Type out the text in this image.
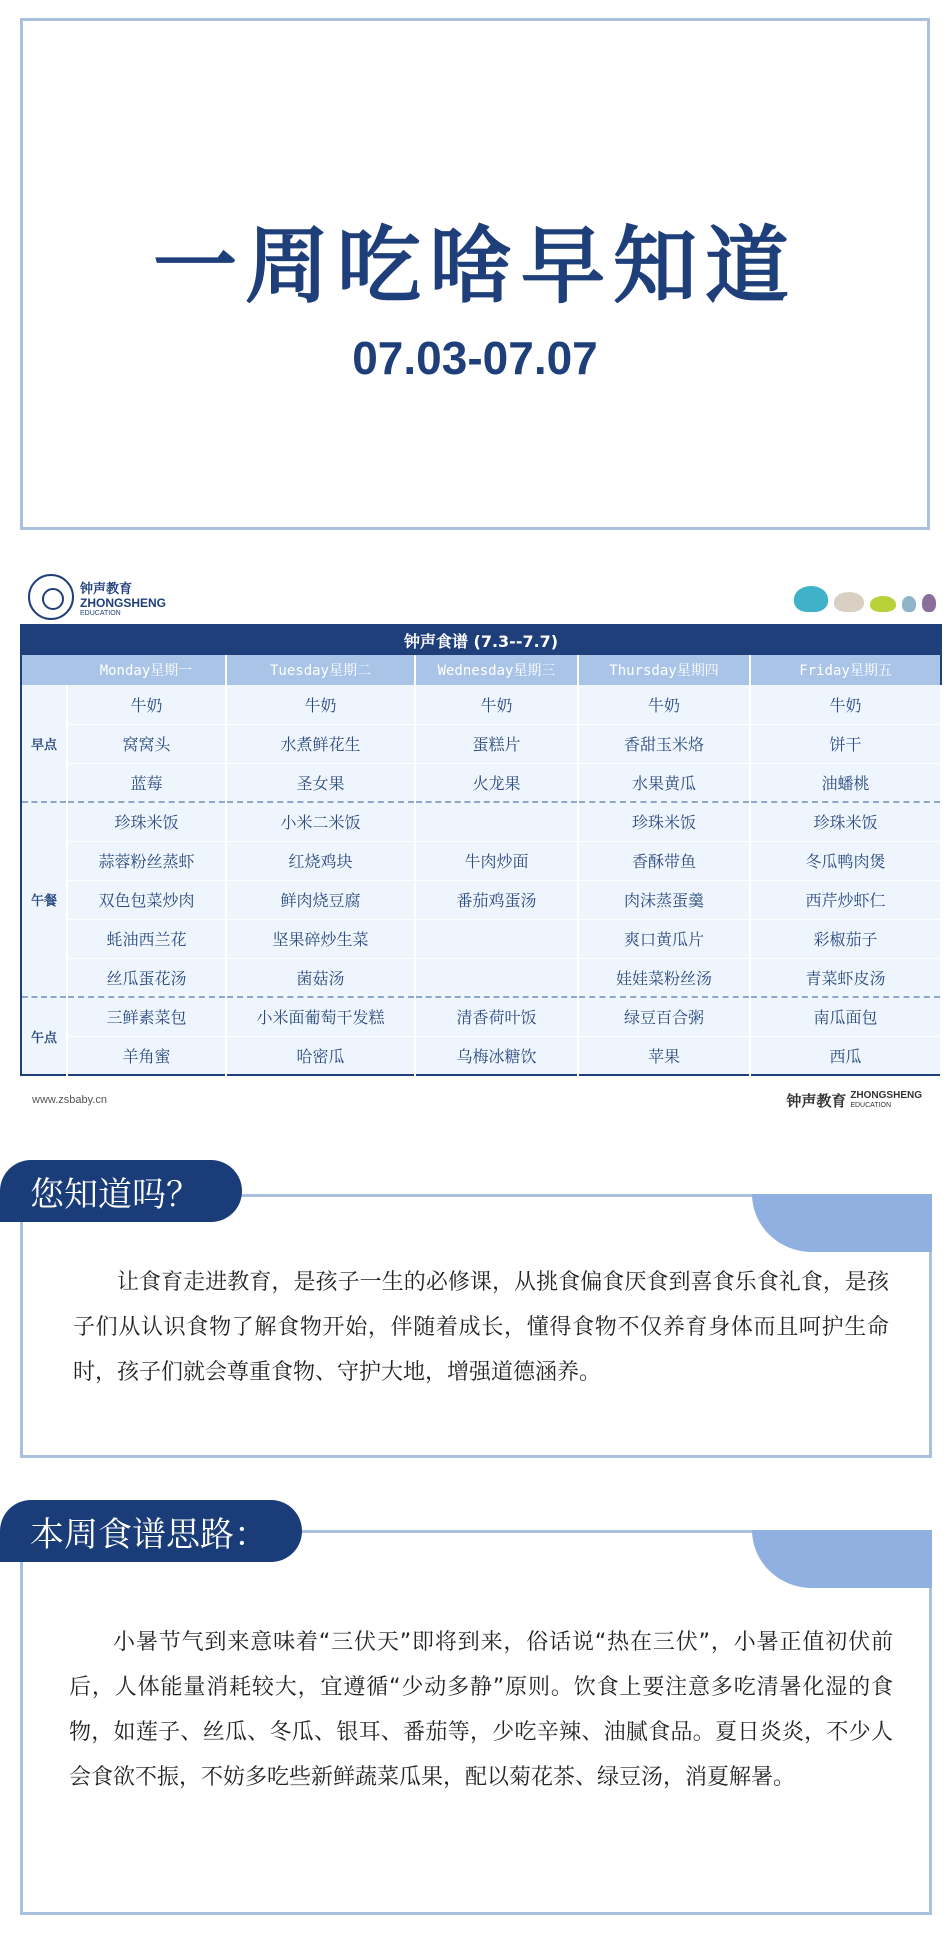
一周吃啥早知道
07.03-07.07
钟声教育
ZHONGSHENG
EDUCATION
钟声食谱 (7.3--7.7)					
	Monday星期一	Tuesday星期二	Wednesday星期三	Thursday星期四	Friday星期五
早点	牛奶	牛奶	牛奶	牛奶	牛奶
	窝窝头	水煮鲜花生	蛋糕片	香甜玉米烙	饼干
	蓝莓	圣女果	火龙果	水果黄瓜	油蟠桃
午餐	珍珠米饭	小米二米饭		珍珠米饭	珍珠米饭
	蒜蓉粉丝蒸虾	红烧鸡块	牛肉炒面	香酥带鱼	冬瓜鸭肉煲
	双色包菜炒肉	鲜肉烧豆腐	番茄鸡蛋汤	肉沫蒸蛋羹	西芹炒虾仁
	蚝油西兰花	坚果碎炒生菜		爽口黄瓜片	彩椒茄子
	丝瓜蛋花汤	菌菇汤		娃娃菜粉丝汤	青菜虾皮汤
午点	三鲜素菜包	小米面葡萄干发糕	清香荷叶饭	绿豆百合粥	南瓜面包
	羊角蜜	哈密瓜	乌梅冰糖饮	苹果	西瓜
www.zsbaby.cn	钟声教育 ZHONGSHENG
EDUCATION
让食育走进教育，是孩子一生的必修课，从挑食偏食厌食到喜食乐食礼食，是孩子们从认识食物了解食物开始，伴随着成长，懂得食物不仅养育身体而且呵护生命时，孩子们就会尊重食物、守护大地，增强道德涵养。
您知道吗？
小暑节气到来意味着“三伏天”即将到来，俗话说“热在三伏”，小暑正值初伏前后，人体能量消耗较大，宜遵循“少动多静”原则。饮食上要注意多吃清暑化湿的食物，如莲子、丝瓜、冬瓜、银耳、番茄等，少吃辛辣、油腻食品。夏日炎炎，不少人会食欲不振，不妨多吃些新鲜蔬菜瓜果，配以菊花茶、绿豆汤，消夏解暑。
本周食谱思路：
